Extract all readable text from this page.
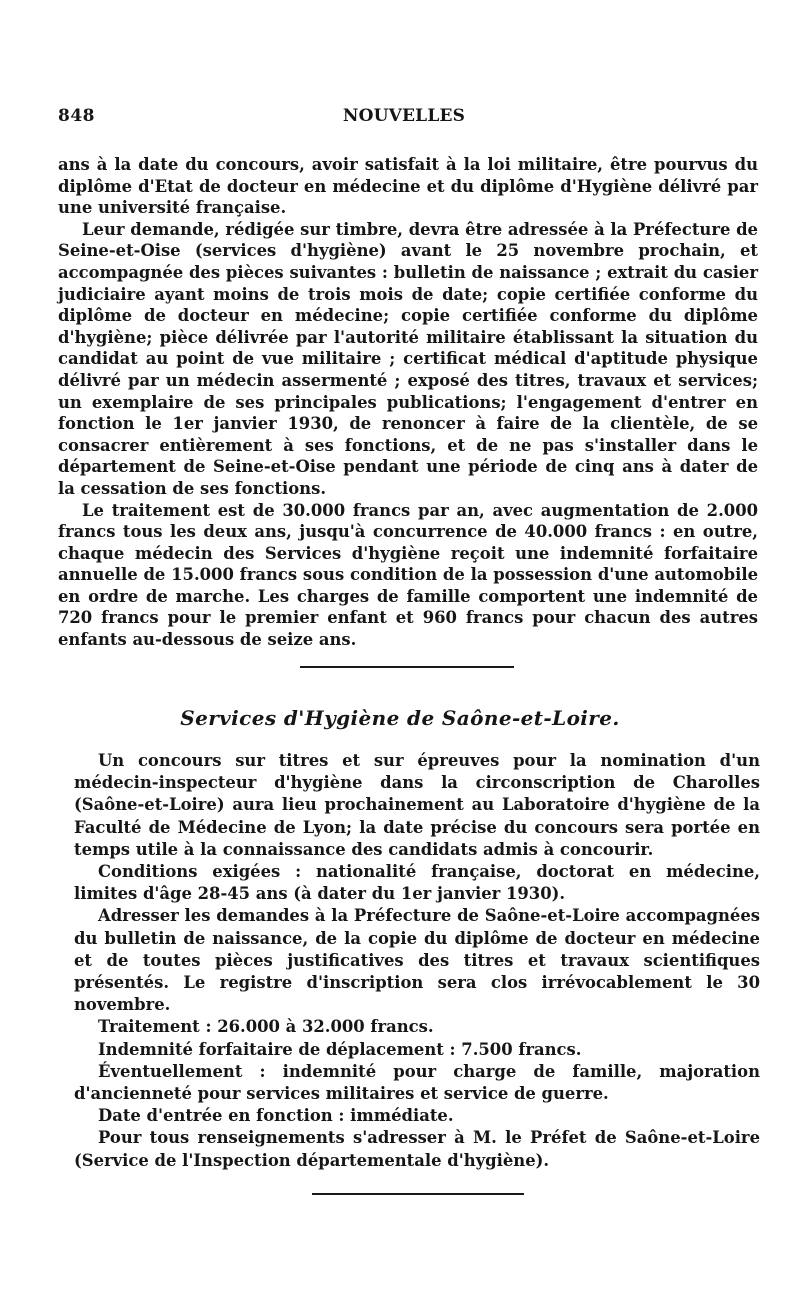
848	NOUVELLES

ans à la date du concours, avoir satisfait à la loi militaire, être pourvus du diplôme d'Etat de docteur en médecine et du diplôme d'Hygiène délivré par une université française.

Leur demande, rédigée sur timbre, devra être adressée à la Préfecture de Seine-et-Oise (services d'hygiène) avant le 25 novembre prochain, et accompagnée des pièces suivantes : bulletin de naissance ; extrait du casier judiciaire ayant moins de trois mois de date; copie certifiée conforme du diplôme de docteur en médecine; copie certifiée conforme du diplôme d'hygiène; pièce délivrée par l'autorité militaire établissant la situation du candidat au point de vue militaire ; certificat médical d'aptitude physique délivré par un médecin assermenté ; exposé des titres, travaux et services; un exemplaire de ses principales publications; l'engagement d'entrer en fonction le 1er janvier 1930, de renoncer à faire de la clientèle, de se consacrer entièrement à ses fonctions, et de ne pas s'installer dans le département de Seine-et-Oise pendant une période de cinq ans à dater de la cessation de ses fonctions.

Le traitement est de 30.000 francs par an, avec augmentation de 2.000 francs tous les deux ans, jusqu'à concurrence de 40.000 francs : en outre, chaque médecin des Services d'hygiène reçoit une indemnité forfaitaire annuelle de 15.000 francs sous condition de la possession d'une automobile en ordre de marche. Les charges de famille comportent une indemnité de 720 francs pour le premier enfant et 960 francs pour chacun des autres enfants au-dessous de seize ans.

Services d'Hygiène de Saône-et-Loire.

Un concours sur titres et sur épreuves pour la nomination d'un médecin-inspecteur d'hygiène dans la circonscription de Charolles (Saône-et-Loire) aura lieu prochainement au Laboratoire d'hygiène de la Faculté de Médecine de Lyon; la date précise du concours sera portée en temps utile à la connaissance des candidats admis à concourir.

Conditions exigées : nationalité française, doctorat en médecine, limites d'âge 28-45 ans (à dater du 1er janvier 1930).

Adresser les demandes à la Préfecture de Saône-et-Loire accompagnées du bulletin de naissance, de la copie du diplôme de docteur en médecine et de toutes pièces justificatives des titres et travaux scientifiques présentés. Le registre d'inscription sera clos irrévocablement le 30 novembre.

Traitement : 26.000 à 32.000 francs.

Indemnité forfaitaire de déplacement : 7.500 francs.

Éventuellement : indemnité pour charge de famille, majoration d'ancienneté pour services militaires et service de guerre.

Date d'entrée en fonction : immédiate.

Pour tous renseignements s'adresser à M. le Préfet de Saône-et-Loire (Service de l'Inspection départementale d'hygiène).
